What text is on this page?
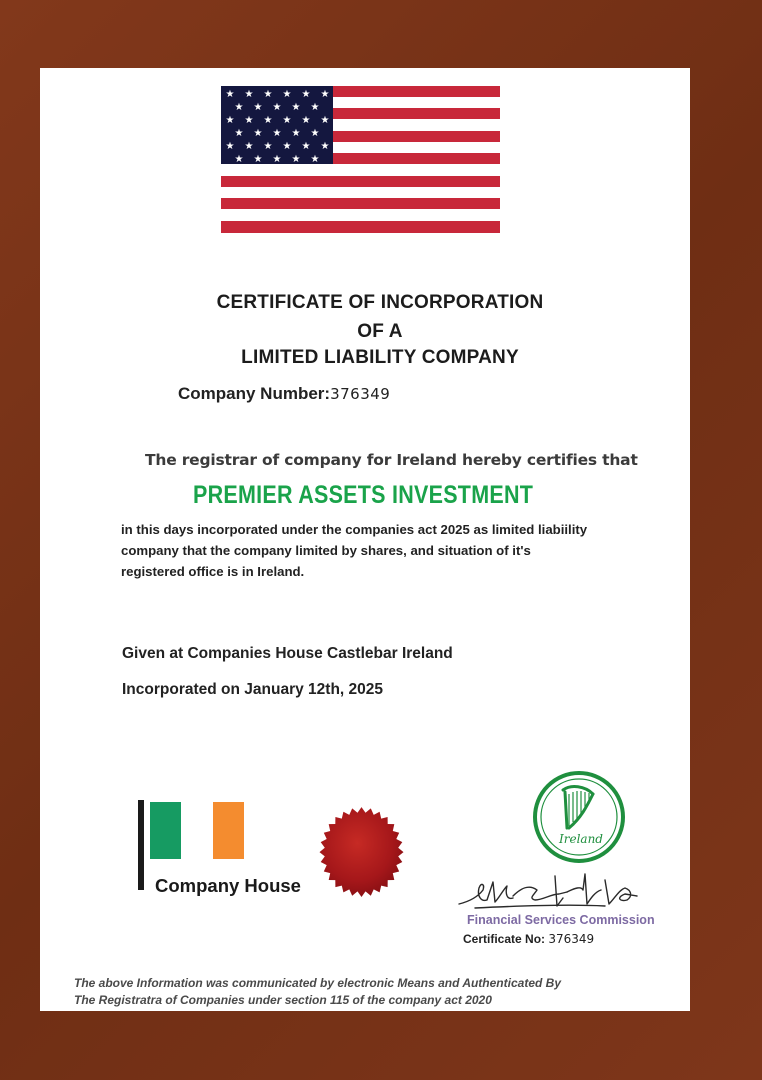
★ ★ ★ ★ ★ ★
★ ★ ★ ★ ★
★ ★ ★ ★ ★ ★
★ ★ ★ ★ ★
★ ★ ★ ★ ★ ★
★ ★ ★ ★ ★
CERTIFICATE OF INCORPORATION
OF A
LIMITED LIABILITY COMPANY
Company Number:376349
The registrar of company for Ireland hereby certifies that
PREMIER ASSETS INVESTMENT
in this days incorporated under the companies act 2025 as limited liabiility
company that the company limited by shares, and situation of it's
registered office is in Ireland.
Given at Companies House Castlebar Ireland
Incorporated on January 12th, 2025
Company House
Ireland
Financial Services Commission
Certificate No: 376349
The above Information was communicated by electronic Means and Authenticated By
The Registratra of Companies under section 115 of the company act 2020
